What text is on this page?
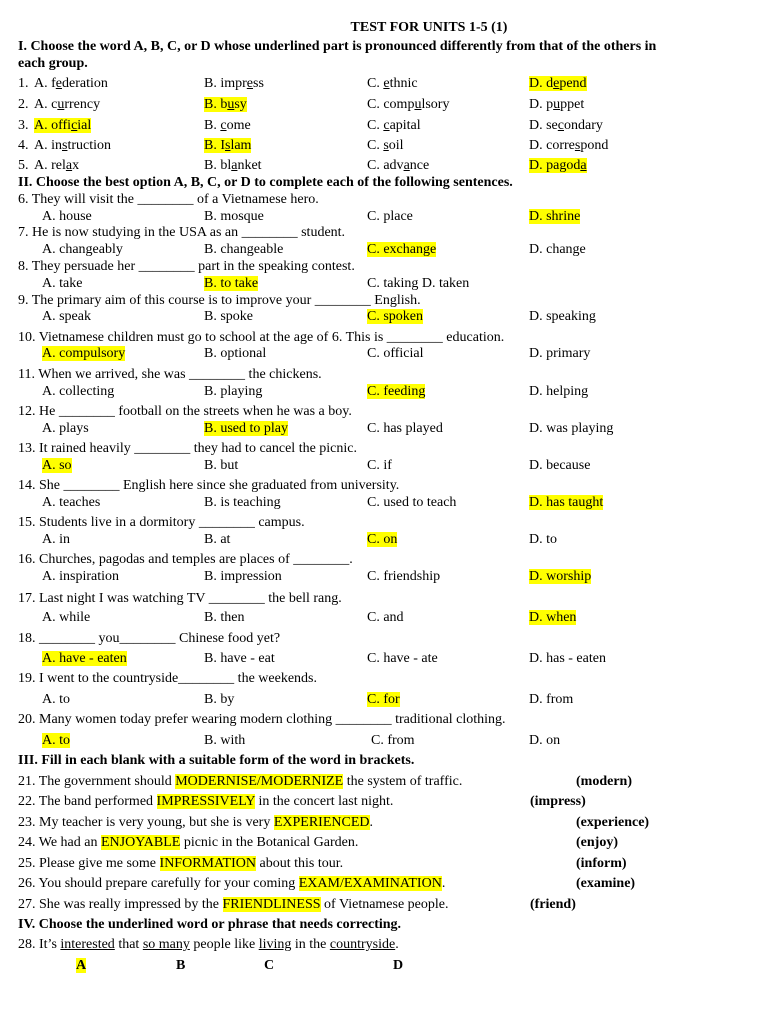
TEST FOR UNITS 1-5 (1)
I. Choose the word A, B, C, or D whose underlined part is pronounced differently from that of the others in
each group.
1. A. federation	B. impress	C. ethnic	D. depend
2. A. currency	B. busy	C. compulsory	D. puppet
3. A. official	B. come	C. capital	D. secondary
4. A. instruction	B. Islam	C. soil	D. correspond
5. A. relax	B. blanket	C. advance	D. pagoda
II. Choose the best option A, B, C, or D to complete each of the following sentences.
6. They will visit the ________ of a Vietnamese hero.
A. house	B. mosque	C. place	D. shrine
7. He is now studying in the USA as an ________ student.
A. changeably	B. changeable	C. exchange	D. change
8. They persuade her ________ part in the speaking contest.
A. take	B. to take	C. taking D. taken
9. The primary aim of this course is to improve your ________ English.
A. speak	B. spoke	C. spoken	D. speaking
10. Vietnamese children must go to school at the age of 6. This is ________ education.
A. compulsory	B. optional	C. official	D. primary
11. When we arrived, she was ________ the chickens.
A. collecting	B. playing	C. feeding	D. helping
12. He ________ football on the streets when he was a boy.
A. plays	B. used to play	C. has played	D. was playing
13. It rained heavily ________ they had to cancel the picnic.
A. so	B. but	C. if	D. because
14. She ________ English here since she graduated from university.
A. teaches	B. is teaching	C. used to teach	D. has taught
15. Students live in a dormitory ________ campus.
A. in	B. at	C. on	D. to
16. Churches, pagodas and temples are places of ________.
A. inspiration	B. impression	C. friendship	D. worship
17. Last night I was watching TV ________ the bell rang.
A. while	B. then	C. and	D. when
18. ________ you________ Chinese food yet?
A. have - eaten	B. have - eat	C. have - ate	D. has - eaten
19. I went to the countryside________ the weekends.
A. to	B. by	C. for	D. from
20. Many women today prefer wearing modern clothing ________ traditional clothing.
A. to	B. with	C. from	D. on
III. Fill in each blank with a suitable form of the word in brackets.
21. The government should MODERNISE/MODERNIZE the system of traffic.	(modern)
22. The band performed IMPRESSIVELY in the concert last night.	(impress)
23. My teacher is very young, but she is very EXPERIENCED.	(experience)
24. We had an ENJOYABLE picnic in the Botanical Garden.	(enjoy)
25. Please give me some INFORMATION about this tour.	(inform)
26. You should prepare carefully for your coming EXAM/EXAMINATION.	(examine)
27. She was really impressed by the FRIENDLINESS of Vietnamese people.	(friend)
IV. Choose the underlined word or phrase that needs correcting.
28. It’s interested that so many people like living in the countryside.
A	B	C	D
